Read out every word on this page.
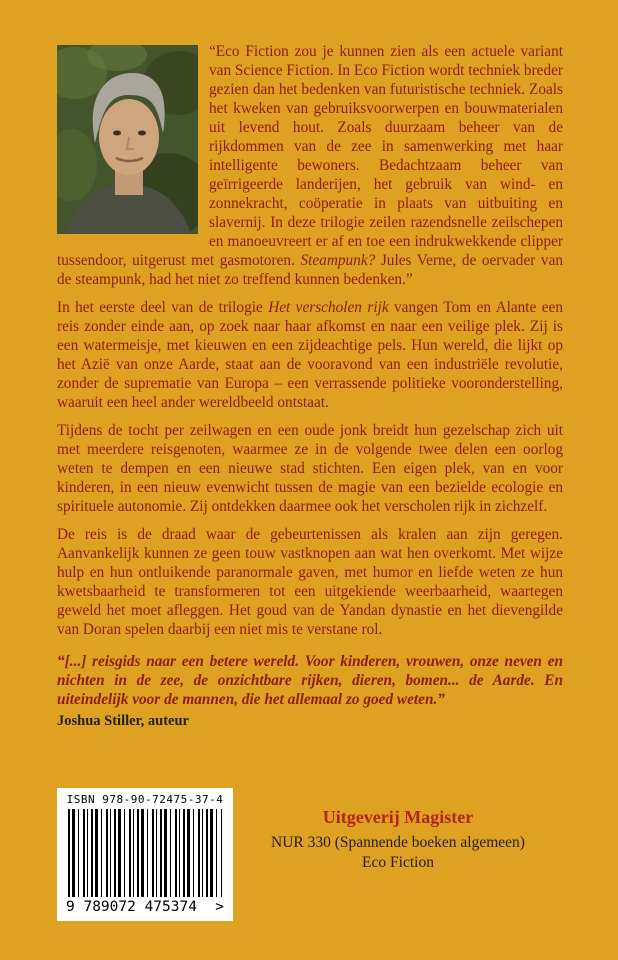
“Eco Fiction zou je kunnen zien als een actuele variant van Science Fiction. In Eco Fiction wordt techniek breder gezien dan het bedenken van futuristische techniek. Zoals het kweken van gebruiksvoorwerpen en bouwmaterialen uit levend hout. Zoals duurzaam beheer van de rijkdommen van de zee in samenwerking met haar intelligente bewoners. Bedachtzaam beheer van geïrrigeerde landerijen, het gebruik van wind- en zonnekracht, coöperatie in plaats van uitbuiting en slavernij. In deze trilogie zeilen razendsnelle zeilschepen en manoeuvreert er af en toe een indrukwekkende clipper tussendoor, uitgerust met gasmotoren. Steampunk? Jules Verne, de oervader van de steampunk, had het niet zo treffend kunnen bedenken.”

In het eerste deel van de trilogie Het verscholen rijk vangen Tom en Alante een reis zonder einde aan, op zoek naar haar afkomst en naar een veilige plek. Zij is een watermeisje, met kieuwen en een zijdeachtige pels. Hun wereld, die lijkt op het Azië van onze Aarde, staat aan de vooravond van een industriële revolutie, zonder de suprematie van Europa – een verrassende politieke vooronderstelling, waaruit een heel ander wereldbeeld ontstaat.

Tijdens de tocht per zeilwagen en een oude jonk breidt hun gezelschap zich uit met meerdere reisgenoten, waarmee ze in de volgende twee delen een oorlog weten te dempen en een nieuwe stad stichten. Een eigen plek, van en voor kinderen, in een nieuw evenwicht tussen de magie van een bezielde ecologie en spirituele autonomie. Zij ontdekken daarmee ook het verscholen rijk in zichzelf.

De reis is de draad waar de gebeurtenissen als kralen aan zijn geregen. Aanvankelijk kunnen ze geen touw vastknopen aan wat hen overkomt. Met wijze hulp en hun ontluikende paranormale gaven, met humor en liefde weten ze hun kwetsbaarheid te transformeren tot een uitgekiende weerbaarheid, waartegen geweld het moet afleggen. Het goud van de Yandan dynastie en het dievengilde van Doran spelen daarbij een niet mis te verstane rol.

“[...] reisgids naar een betere wereld. Voor kinderen, vrouwen, onze neven en nichten in de zee, de onzichtbare rijken, dieren, bomen... de Aarde. En uiteindelijk voor de mannen, die het allemaal zo goed weten.”

Joshua Stiller, auteur

ISBN 978-90-72475-37-4
9 789072 475374 >
Uitgeverij Magister
NUR 330 (Spannende boeken algemeen)
Eco Fiction
